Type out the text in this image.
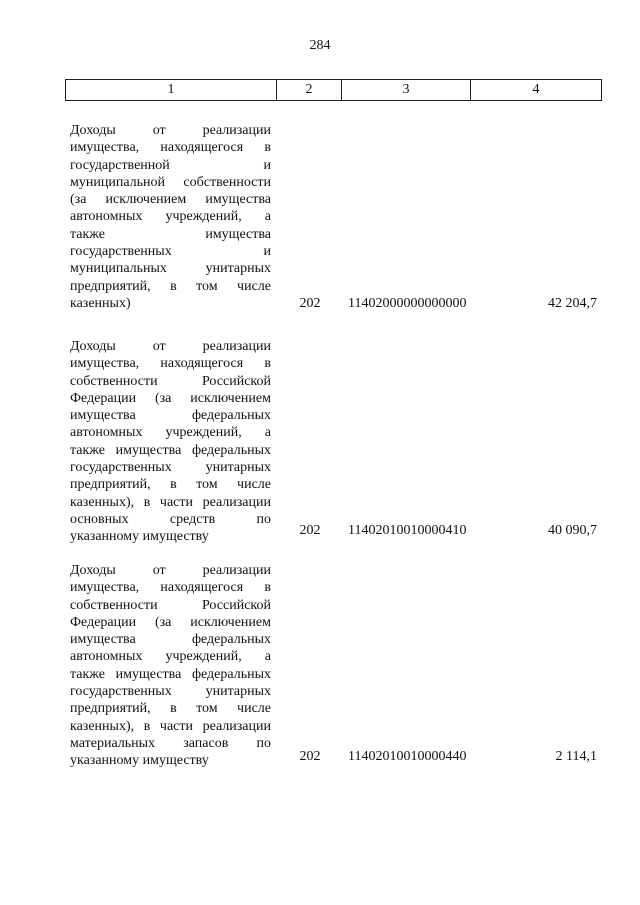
284
1	2	3	4
Доходы от реализации
имущества, находящегося в
государственной и
муниципальной собственности
(за исключением имущества
автономных учреждений, а
также имущества
государственных и
муниципальных унитарных
предприятий, в том числе
казенных)	202	11402000000000000	42 204,7
Доходы от реализации
имущества, находящегося в
собственности Российской
Федерации (за исключением
имущества федеральных
автономных учреждений, а
также имущества федеральных
государственных унитарных
предприятий, в том числе
казенных), в части реализации
основных средств по
указанному имуществу	202	11402010010000410	40 090,7
Доходы от реализации
имущества, находящегося в
собственности Российской
Федерации (за исключением
имущества федеральных
автономных учреждений, а
также имущества федеральных
государственных унитарных
предприятий, в том числе
казенных), в части реализации
материальных запасов по
указанному имуществу	202	11402010010000440	2 114,1
